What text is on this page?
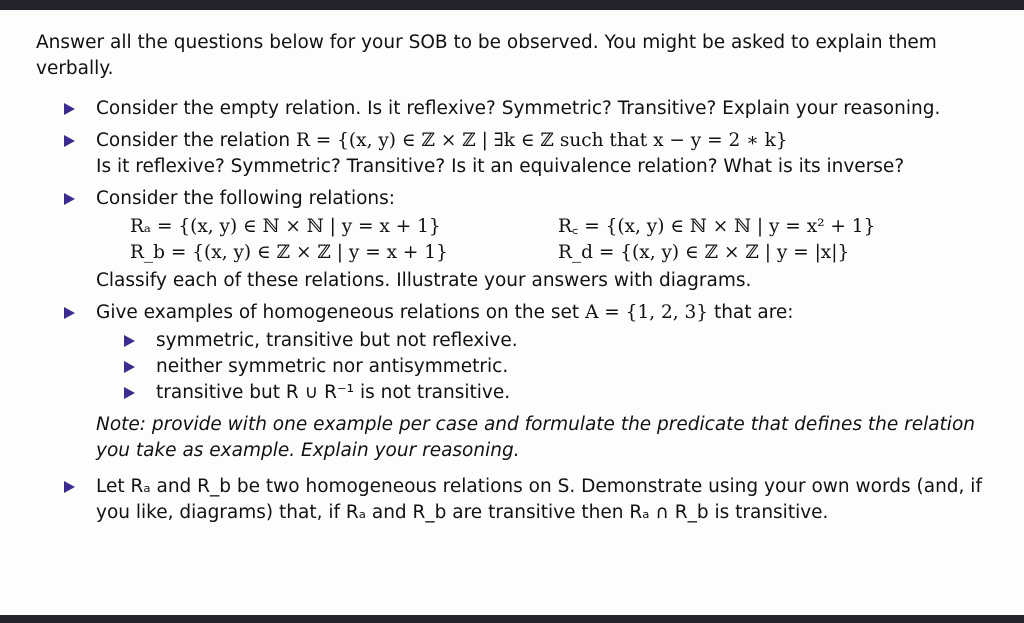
Answer all the questions below for your SOB to be observed. You might be asked to explain them verbally.

Consider the empty relation. Is it reflexive? Symmetric? Transitive? Explain your reasoning.
Consider the relation R = {(x, y) ∈ ℤ × ℤ | ∃k ∈ ℤ such that x − y = 2 ∗ k}
Is it reflexive? Symmetric? Transitive? Is it an equivalence relation? What is its inverse?
Consider the following relations:
Rₐ = {(x, y) ∈ ℕ × ℕ | y = x + 1}	R꜀ = {(x, y) ∈ ℕ × ℕ | y = x² + 1}
R_b = {(x, y) ∈ ℤ × ℤ | y = x + 1}	R_d = {(x, y) ∈ ℤ × ℤ | y = |x|}
Classify each of these relations. Illustrate your answers with diagrams.
Give examples of homogeneous relations on the set A = {1, 2, 3} that are:
symmetric, transitive but not reflexive.
neither symmetric nor antisymmetric.
transitive but R ∪ R⁻¹ is not transitive.
Note: provide with one example per case and formulate the predicate that defines the relation you take as example. Explain your reasoning.
Let Rₐ and R_b be two homogeneous relations on S. Demonstrate using your own words (and, if you like, diagrams) that, if Rₐ and R_b are transitive then Rₐ ∩ R_b is transitive.
